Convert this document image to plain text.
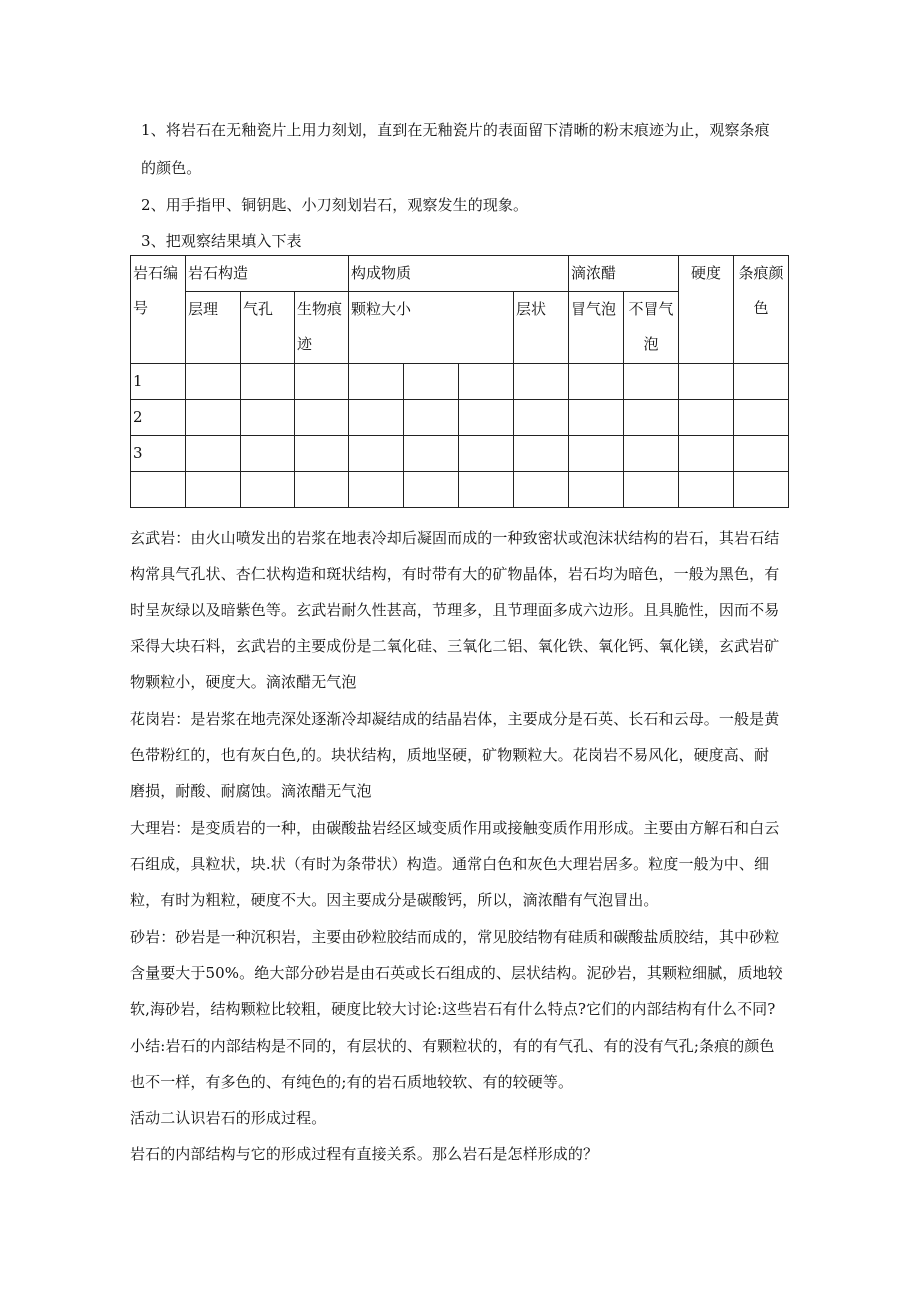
1、将岩石在无釉瓷片上用力刻划，直到在无釉瓷片的表面留下清晰的粉末痕迹为止，观察条痕
的颜色。
2、用手指甲、铜钥匙、小刀刻划岩石，观察发生的现象。
3、把观察结果填入下表
岩石编号	岩石构造			构成物质				滴浓醋		硬度	条痕颜色
	层理	气孔	生物痕迹	颗粒大小			层状	冒气泡	不冒气泡		
1											
2											
3											

玄武岩：由火山喷发出的岩浆在地表冷却后凝固而成的一种致密状或泡沫状结构的岩石，其岩石结
构常具气孔状、杏仁状构造和斑状结构，有时带有大的矿物晶体，岩石均为暗色，一般为黑色，有
时呈灰绿以及暗紫色等。玄武岩耐久性甚高，节理多，且节理面多成六边形。且具脆性，因而不易
采得大块石料，玄武岩的主要成份是二氧化硅、三氧化二铝、氧化铁、氧化钙、氧化镁，玄武岩矿
物颗粒小，硬度大。滴浓醋无气泡
花岗岩：是岩浆在地壳深处逐渐冷却凝结成的结晶岩体，主要成分是石英、长石和云母。一般是黄
色带粉红的，也有灰白色,的。块状结构，质地坚硬，矿物颗粒大。花岗岩不易风化，硬度高、耐
磨损，耐酸、耐腐蚀。滴浓醋无气泡
大理岩：是变质岩的一种，由碳酸盐岩经区域变质作用或接触变质作用形成。主要由方解石和白云
石组成，具粒状，块.状（有时为条带状）构造。通常白色和灰色大理岩居多。粒度一般为中、细
粒，有时为粗粒，硬度不大。因主要成分是碳酸钙，所以，滴浓醋有气泡冒出。
砂岩：砂岩是一种沉积岩，主要由砂粒胶结而成的，常见胶结物有硅质和碳酸盐质胶结，其中砂粒
含量要大于50%。绝大部分砂岩是由石英或长石组成的、层状结构。泥砂岩，其颗粒细腻，质地较
软,海砂岩，结构颗粒比较粗，硬度比较大讨论:这些岩石有什么特点?它们的内部结构有什么不同?
小结:岩石的内部结构是不同的，有层状的、有颗粒状的，有的有气孔、有的没有气孔;条痕的颜色
也不一样，有多色的、有纯色的;有的岩石质地较软、有的较硬等。
活动二认识岩石的形成过程。
岩石的内部结构与它的形成过程有直接关系。那么岩石是怎样形成的？
